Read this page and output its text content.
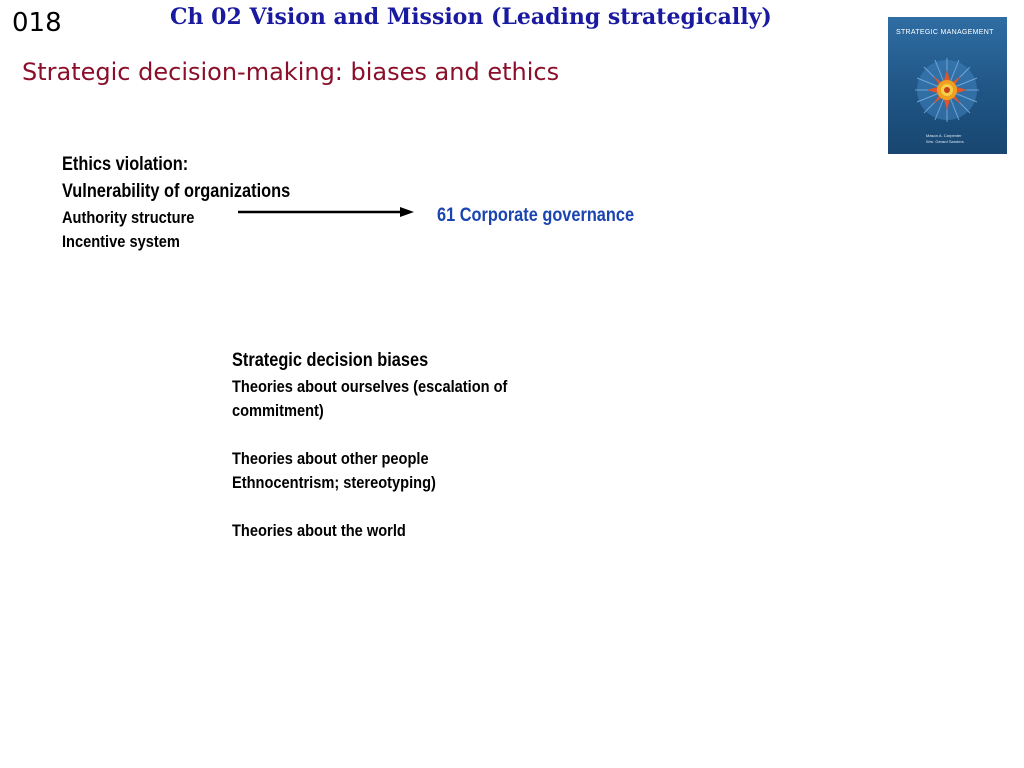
018	Ch 02 Vision and Mission (Leading strategically)
Strategic decision-making: biases and ethics
STRATEGIC MANAGEMENT
Mason A. Carpenter
Wm. Gerard Sanders
Ethics violation:
Vulnerability of organizations
Authority structure
Incentive system
61 Corporate governance
Strategic decision biases
Theories about ourselves (escalation of
commitment)
Theories about other people
Ethnocentrism; stereotyping)
Theories about the world
